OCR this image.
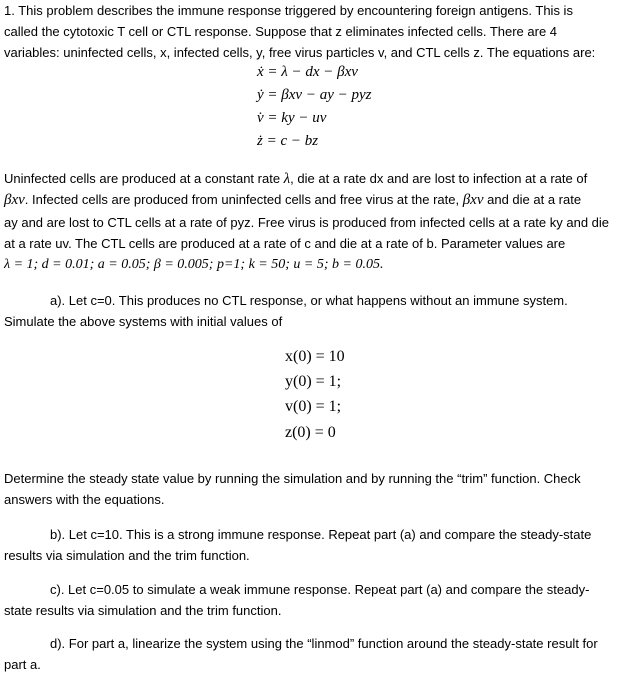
1. This problem describes the immune response triggered by encountering foreign antigens. This is
called the cytotoxic T cell or CTL response. Suppose that z eliminates infected cells. There are 4
variables: uninfected cells, x, infected cells, y, free virus particles v, and CTL cells z. The equations are:
ẋ = λ − dx − βxv
ẏ = βxv − ay − pyz
v̇ = ky − uv
ż = c − bz
Uninfected cells are produced at a constant rate λ, die at a rate dx and are lost to infection at a rate of
βxv. Infected cells are produced from uninfected cells and free virus at the rate, βxv and die at a rate
ay and are lost to CTL cells at a rate of pyz. Free virus is produced from infected cells at a rate ky and die
at a rate uv. The CTL cells are produced at a rate of c and die at a rate of b. Parameter values are
λ = 1; d = 0.01; a = 0.05; β = 0.005; p=1; k = 50; u = 5; b = 0.05.
a). Let c=0. This produces no CTL response, or what happens without an immune system.
Simulate the above systems with initial values of
x(0) = 10
y(0) = 1;
v(0) = 1;
z(0) = 0
Determine the steady state value by running the simulation and by running the “trim” function. Check
answers with the equations.
b). Let c=10. This is a strong immune response. Repeat part (a) and compare the steady-state
results via simulation and the trim function.
c). Let c=0.05 to simulate a weak immune response. Repeat part (a) and compare the steady-
state results via simulation and the trim function.
d). For part a, linearize the system using the “linmod” function around the steady-state result for
part a.
